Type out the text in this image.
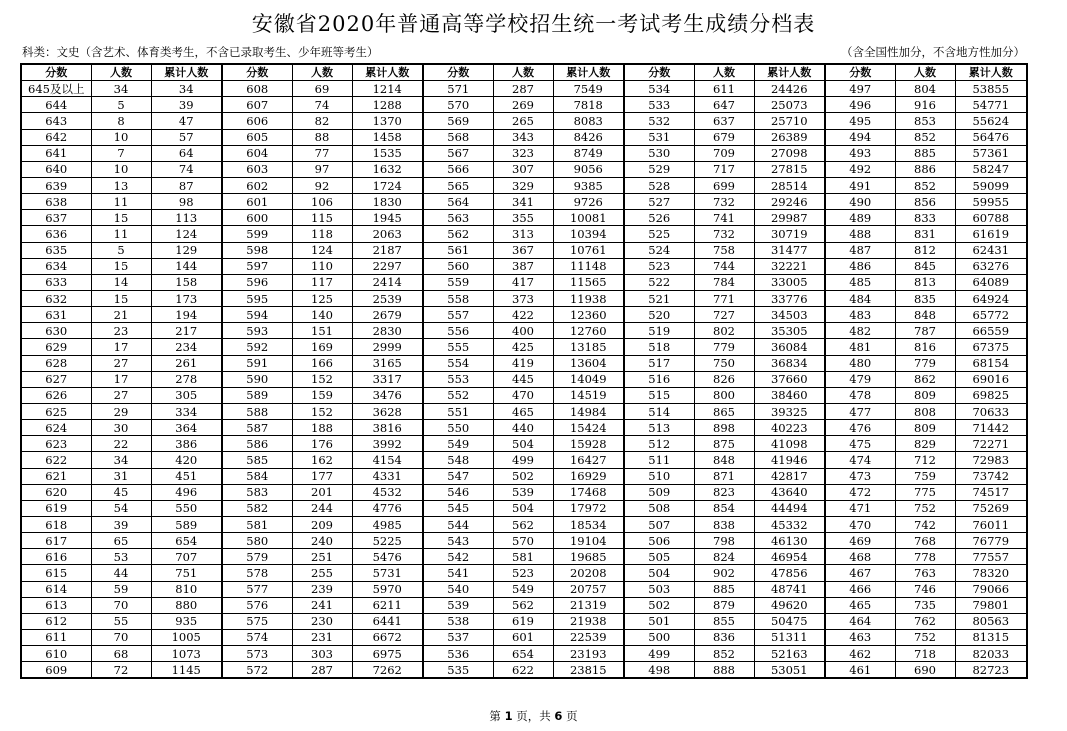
安徽省2020年普通高等学校招生统一考试考生成绩分档表
科类：文史（含艺术、体育类考生，不含已录取考生、少年班等考生）	（含全国性加分，不含地方性加分）
分数	人数	累计人数	分数	人数	累计人数	分数	人数	累计人数	分数	人数	累计人数	分数	人数	累计人数
645及以上	34	34	608	69	1214	571	287	7549	534	611	24426	497	804	53855
644	5	39	607	74	1288	570	269	7818	533	647	25073	496	916	54771
643	8	47	606	82	1370	569	265	8083	532	637	25710	495	853	55624
642	10	57	605	88	1458	568	343	8426	531	679	26389	494	852	56476
641	7	64	604	77	1535	567	323	8749	530	709	27098	493	885	57361
640	10	74	603	97	1632	566	307	9056	529	717	27815	492	886	58247
639	13	87	602	92	1724	565	329	9385	528	699	28514	491	852	59099
638	11	98	601	106	1830	564	341	9726	527	732	29246	490	856	59955
637	15	113	600	115	1945	563	355	10081	526	741	29987	489	833	60788
636	11	124	599	118	2063	562	313	10394	525	732	30719	488	831	61619
635	5	129	598	124	2187	561	367	10761	524	758	31477	487	812	62431
634	15	144	597	110	2297	560	387	11148	523	744	32221	486	845	63276
633	14	158	596	117	2414	559	417	11565	522	784	33005	485	813	64089
632	15	173	595	125	2539	558	373	11938	521	771	33776	484	835	64924
631	21	194	594	140	2679	557	422	12360	520	727	34503	483	848	65772
630	23	217	593	151	2830	556	400	12760	519	802	35305	482	787	66559
629	17	234	592	169	2999	555	425	13185	518	779	36084	481	816	67375
628	27	261	591	166	3165	554	419	13604	517	750	36834	480	779	68154
627	17	278	590	152	3317	553	445	14049	516	826	37660	479	862	69016
626	27	305	589	159	3476	552	470	14519	515	800	38460	478	809	69825
625	29	334	588	152	3628	551	465	14984	514	865	39325	477	808	70633
624	30	364	587	188	3816	550	440	15424	513	898	40223	476	809	71442
623	22	386	586	176	3992	549	504	15928	512	875	41098	475	829	72271
622	34	420	585	162	4154	548	499	16427	511	848	41946	474	712	72983
621	31	451	584	177	4331	547	502	16929	510	871	42817	473	759	73742
620	45	496	583	201	4532	546	539	17468	509	823	43640	472	775	74517
619	54	550	582	244	4776	545	504	17972	508	854	44494	471	752	75269
618	39	589	581	209	4985	544	562	18534	507	838	45332	470	742	76011
617	65	654	580	240	5225	543	570	19104	506	798	46130	469	768	76779
616	53	707	579	251	5476	542	581	19685	505	824	46954	468	778	77557
615	44	751	578	255	5731	541	523	20208	504	902	47856	467	763	78320
614	59	810	577	239	5970	540	549	20757	503	885	48741	466	746	79066
613	70	880	576	241	6211	539	562	21319	502	879	49620	465	735	79801
612	55	935	575	230	6441	538	619	21938	501	855	50475	464	762	80563
611	70	1005	574	231	6672	537	601	22539	500	836	51311	463	752	81315
610	68	1073	573	303	6975	536	654	23193	499	852	52163	462	718	82033
609	72	1145	572	287	7262	535	622	23815	498	888	53051	461	690	82723
第 1 页，共 6 页
